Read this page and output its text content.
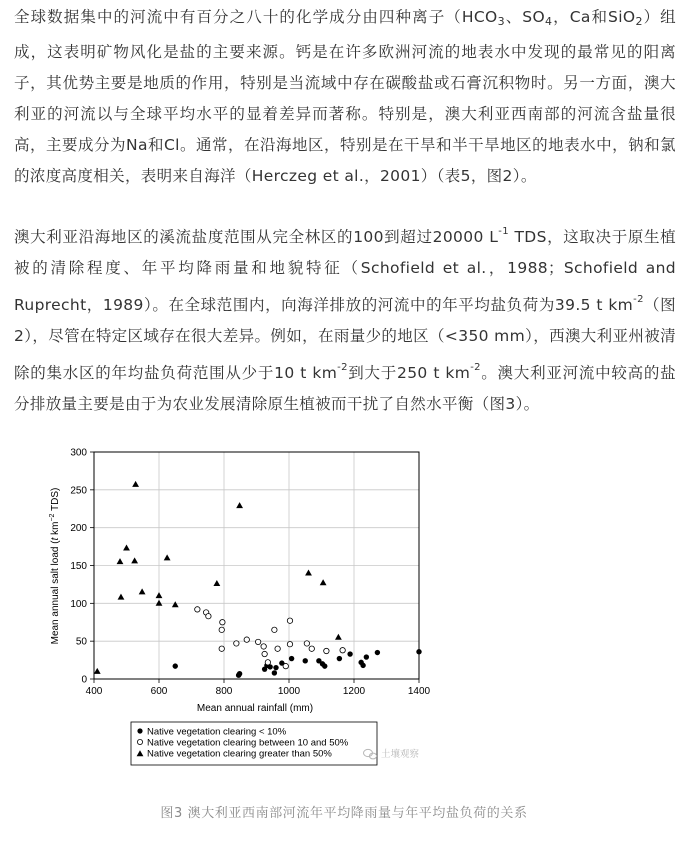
全球数据集中的河流中有百分之八十的化学成分由四种离子（$HCO_3$、$SO_4$，Ca和SiO$_2$）组成，这表明矿物风化是盐的主要来源。钙是在许多欧洲河流的地表水中发现的最常见的阳离子，其优势主要是地质的作用，特别是当流域中存在碳酸盐或石膏沉积物时。另一方面，澳大利亚的河流以与全球平均水平的显着差异而著称。特别是，澳大利亚西南部的河流含盐量很高，主要成分为Na和Cl。通常，在沿海地区，特别是在干旱和半干旱地区的地表水中，钠和氯的浓度高度相关，表明来自海洋（Herczeg et al.，2001）（表5，图2）。
澳大利亚沿海地区的溪流盐度范围从完全林区的100到超过20000 $L^{-1}$ TDS，这取决于原生植被的清除程度、年平均降雨量和地貌特征（Schofield et al.，1988；Schofield and Ruprecht，1989）。在全球范围内，向海洋排放的河流中的年平均盐负荷为39.5 t $km^{-2}$（图2），尽管在特定区域存在很大差异。例如，在雨量少的地区（<350 mm），西澳大利亚州被清除的集水区的年均盐负荷范围从少于10 t $km^{-2}$到大于250 t $km^{-2}$。澳大利亚河流中较高的盐分排放量主要是由于为农业发展清除原生植被而干扰了自然水平衡（图3）。
400	600	800	1000	1200	1400
0
50
100
150
200
250
300
Mean annual rainfall (mm)
Mean annual salt load (t $km^{-2}$ TDS)
Native vegetation clearing < 10%
Native vegetation clearing between 10 and 50%
Native vegetation clearing greater than 50%	土壤观察
图3 澳大利亚西南部河流年平均降雨量与年平均盐负荷的关系
